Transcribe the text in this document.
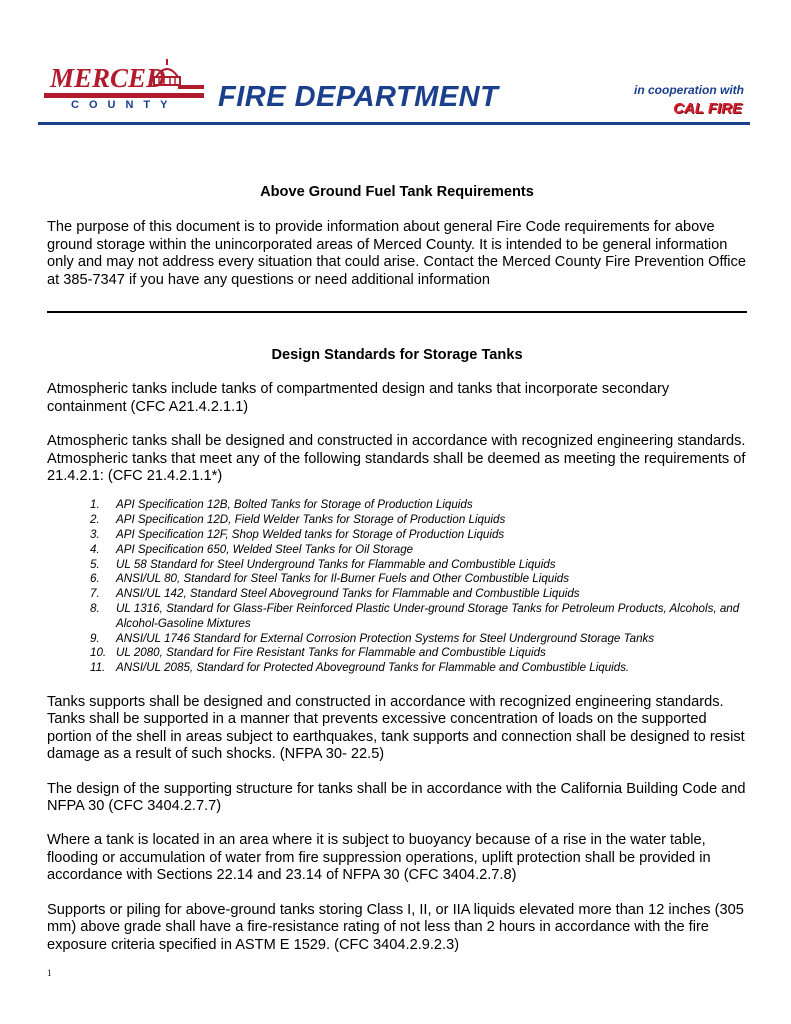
MERCED
COUNTY FIRE DEPARTMENT	in cooperation with
CAL FIRE

Above Ground Fuel Tank Requirements

The purpose of this document is to provide information about general Fire Code requirements for above ground storage within the unincorporated areas of Merced County. It is intended to be general information only and may not address every situation that could arise. Contact the Merced County Fire Prevention Office at 385-7347 if you have any questions or need additional information

Design Standards for Storage Tanks

Atmospheric tanks include tanks of compartmented design and tanks that incorporate secondary containment (CFC A21.4.2.1.1)

Atmospheric tanks shall be designed and constructed in accordance with recognized engineering standards. Atmospheric tanks that meet any of the following standards shall be deemed as meeting the requirements of 21.4.2.1: (CFC 21.4.2.1.1*)

1. API Specification 12B, Bolted Tanks for Storage of Production Liquids
2. API Specification 12D, Field Welder Tanks for Storage of Production Liquids
3. API Specification 12F, Shop Welded tanks for Storage of Production Liquids
4. API Specification 650, Welded Steel Tanks for Oil Storage
5. UL 58 Standard for Steel Underground Tanks for Flammable and Combustible Liquids
6. ANSI/UL 80, Standard for Steel Tanks for Il-Burner Fuels and Other Combustible Liquids
7. ANSI/UL 142, Standard Steel Aboveground Tanks for Flammable and Combustible Liquids
8. UL 1316, Standard for Glass-Fiber Reinforced Plastic Under-ground Storage Tanks for Petroleum Products, Alcohols, and Alcohol-Gasoline Mixtures
9. ANSI/UL 1746 Standard for External Corrosion Protection Systems for Steel Underground Storage Tanks
10. UL 2080, Standard for Fire Resistant Tanks for Flammable and Combustible Liquids
11. ANSI/UL 2085, Standard for Protected Aboveground Tanks for Flammable and Combustible Liquids.

Tanks supports shall be designed and constructed in accordance with recognized engineering standards. Tanks shall be supported in a manner that prevents excessive concentration of loads on the supported portion of the shell in areas subject to earthquakes, tank supports and connection shall be designed to resist damage as a result of such shocks. (NFPA 30- 22.5)

The design of the supporting structure for tanks shall be in accordance with the California Building Code and NFPA 30 (CFC 3404.2.7.7)

Where a tank is located in an area where it is subject to buoyancy because of a rise in the water table, flooding or accumulation of water from fire suppression operations, uplift protection shall be provided in accordance with Sections 22.14 and 23.14 of NFPA 30 (CFC 3404.2.7.8)

Supports or piling for above-ground tanks storing Class I, II, or IIA liquids elevated more than 12 inches (305 mm) above grade shall have a fire-resistance rating of not less than 2 hours in accordance with the fire exposure criteria specified in ASTM E 1529. (CFC 3404.2.9.2.3)

1
